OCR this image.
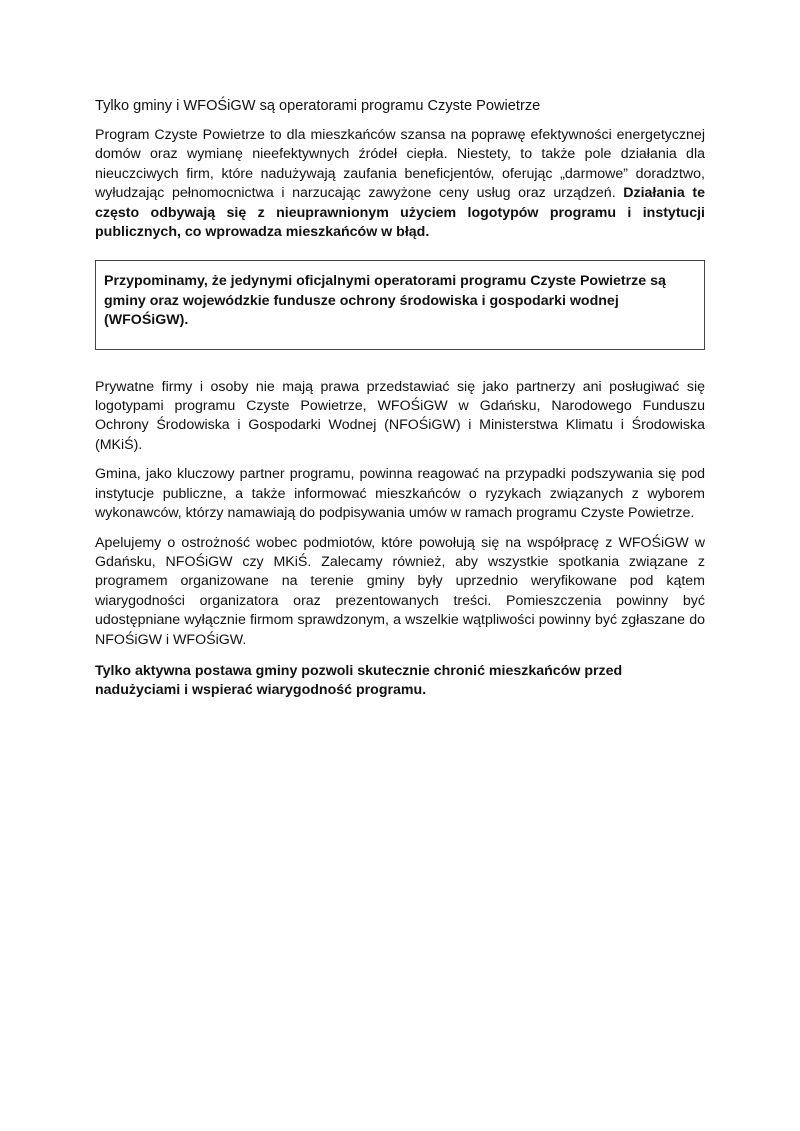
Tylko gminy i WFOŚiGW są operatorami programu Czyste Powietrze

Program Czyste Powietrze to dla mieszkańców szansa na poprawę efektywności energetycznej domów oraz wymianę nieefektywnych źródeł ciepła. Niestety, to także pole działania dla nieuczciwych firm, które nadużywają zaufania beneficjentów, oferując „darmowe” doradztwo, wyłudzając pełnomocnictwa i narzucając zawyżone ceny usług oraz urządzeń. Działania te często odbywają się z nieuprawnionym użyciem logotypów programu i instytucji publicznych, co wprowadza mieszkańców w błąd.

Przypominamy, że jedynymi oficjalnymi operatorami programu Czyste Powietrze są gminy oraz wojewódzkie fundusze ochrony środowiska i gospodarki wodnej (WFOŚiGW).

Prywatne firmy i osoby nie mają prawa przedstawiać się jako partnerzy ani posługiwać się logotypami programu Czyste Powietrze, WFOŚiGW w Gdańsku, Narodowego Funduszu Ochrony Środowiska i Gospodarki Wodnej (NFOŚiGW) i Ministerstwa Klimatu i Środowiska (MKiŚ).

Gmina, jako kluczowy partner programu, powinna reagować na przypadki podszywania się pod instytucje publiczne, a także informować mieszkańców o ryzykach związanych z wyborem wykonawców, którzy namawiają do podpisywania umów w ramach programu Czyste Powietrze.

Apelujemy o ostrożność wobec podmiotów, które powołują się na współpracę z WFOŚiGW w Gdańsku, NFOŚiGW czy MKiŚ. Zalecamy również, aby wszystkie spotkania związane z programem organizowane na terenie gminy były uprzednio weryfikowane pod kątem wiarygodności organizatora oraz prezentowanych treści. Pomieszczenia powinny być udostępniane wyłącznie firmom sprawdzonym, a wszelkie wątpliwości powinny być zgłaszane do NFOŚiGW i WFOŚiGW.

Tylko aktywna postawa gminy pozwoli skutecznie chronić mieszkańców przed nadużyciami i wspierać wiarygodność programu.
